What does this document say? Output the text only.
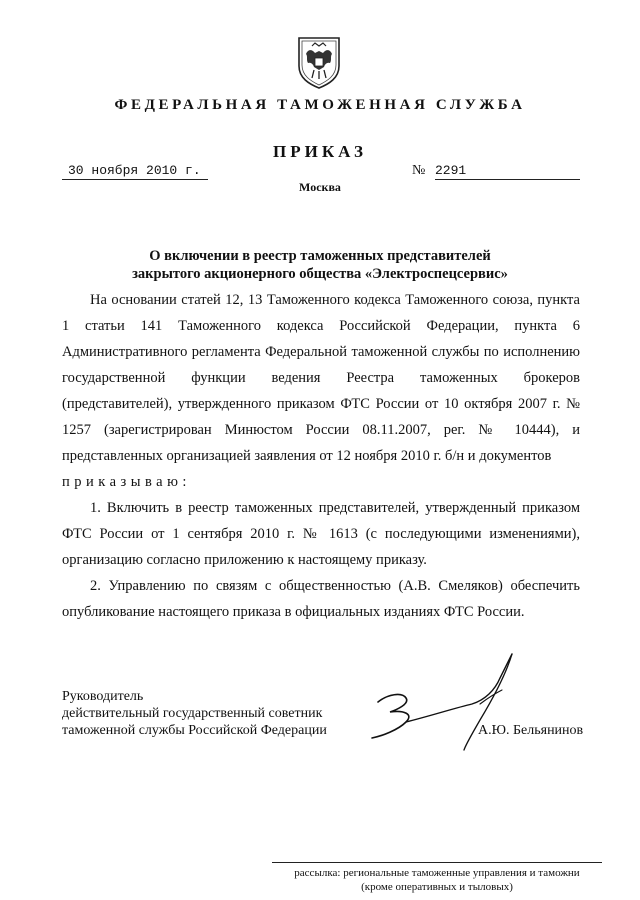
ФЕДЕРАЛЬНАЯ ТАМОЖЕННАЯ СЛУЖБА
ПРИКАЗ
30 ноября 2010 г.	№ 2291
Москва
О включении в реестр таможенных представителей
закрытого акционерного общества «Электроспецсервис»

На основании статей 12, 13 Таможенного кодекса Таможенного союза, пункта 1 статьи 141 Таможенного кодекса Российской Федерации, пункта 6 Административного регламента Федеральной таможенной службы по исполнению государственной функции ведения Реестра таможенных брокеров (представителей), утвержденного приказом ФТС России от 10 октября 2007 г. № 1257 (зарегистрирован Минюстом России 08.11.2007, рег. № 10444), и представленных организацией заявления от 12 ноября 2010 г. б/н и документов

приказываю:

1. Включить в реестр таможенных представителей, утвержденный приказом ФТС России от 1 сентября 2010 г. № 1613 (с последующими изменениями), организацию согласно приложению к настоящему приказу.

2. Управлению по связям с общественностью (А.В. Смеляков) обеспечить опубликование настоящего приказа в официальных изданиях ФТС России.

Руководитель
действительный государственный советник
таможенной службы Российской Федерации	А.Ю. Бельянинов
рассылка: региональные таможенные управления и таможни
(кроме оперативных и тыловых)
